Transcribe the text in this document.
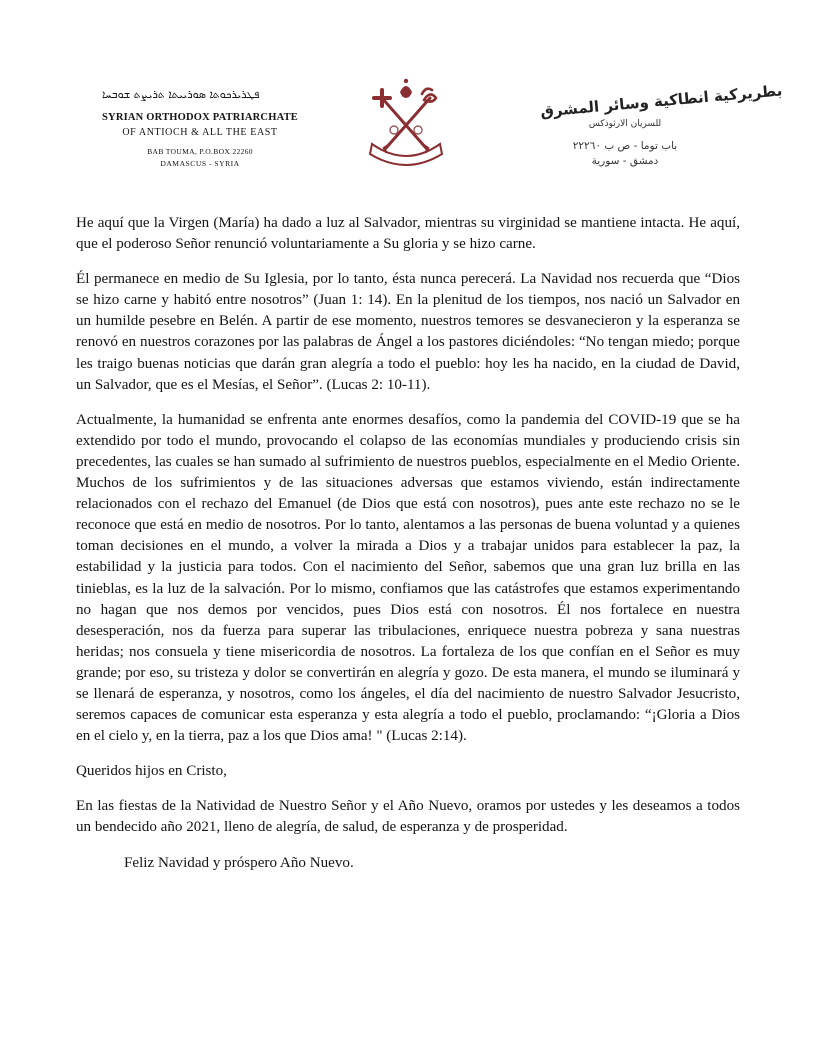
ܦܛܪܝܪܟܘܬܐ ܣܘܪܝܝܬܐ ܬܪܝܨܬ ܫܘܒܚܐ
SYRIAN ORTHODOX PATRIARCHATE
OF ANTIOCH & ALL THE EAST
BAB TOUMA, P.O.BOX 22260
DAMASCUS - SYRIA
بطريركية انطاكية وسائر المشرق
للسريان الارثوذكس
باب توما - ص ب ٢٢٢٦٠
دمشق - سورية

He aquí que la Virgen (María) ha dado a luz al Salvador, mientras su virginidad se mantiene intacta. He aquí, que el poderoso Señor renunció voluntariamente a Su gloria y se hizo carne.

Él permanece en medio de Su Iglesia, por lo tanto, ésta nunca perecerá. La Navidad nos recuerda que “Dios se hizo carne y habitó entre nosotros” (Juan 1: 14). En la plenitud de los tiempos, nos nació un Salvador en un humilde pesebre en Belén. A partir de ese momento, nuestros temores se desvanecieron y la esperanza se renovó en nuestros corazones por las palabras de Ángel a los pastores diciéndoles: “No tengan miedo; porque les traigo buenas noticias que darán gran alegría a todo el pueblo: hoy les ha nacido, en la ciudad de David, un Salvador, que es el Mesías, el Señor”. (Lucas 2: 10-11).

Actualmente, la humanidad se enfrenta ante enormes desafíos, como la pandemia del COVID-19 que se ha extendido por todo el mundo, provocando el colapso de las economías mundiales y produciendo crisis sin precedentes, las cuales se han sumado al sufrimiento de nuestros pueblos, especialmente en el Medio Oriente. Muchos de los sufrimientos y de las situaciones adversas que estamos viviendo, están indirectamente relacionados con el rechazo del Emanuel (de Dios que está con nosotros), pues ante este rechazo no se le reconoce que está en medio de nosotros. Por lo tanto, alentamos a las personas de buena voluntad y a quienes toman decisiones en el mundo, a volver la mirada a Dios y a trabajar unidos para establecer la paz, la estabilidad y la justicia para todos. Con el nacimiento del Señor, sabemos que una gran luz brilla en las tinieblas, es la luz de la salvación. Por lo mismo, confiamos que las catástrofes que estamos experimentando no hagan que nos demos por vencidos, pues Dios está con nosotros. Él nos fortalece en nuestra desesperación, nos da fuerza para superar las tribulaciones, enriquece nuestra pobreza y sana nuestras heridas; nos consuela y tiene misericordia de nosotros. La fortaleza de los que confían en el Señor es muy grande; por eso, su tristeza y dolor se convertirán en alegría y gozo. De esta manera, el mundo se iluminará y se llenará de esperanza, y nosotros, como los ángeles, el día del nacimiento de nuestro Salvador Jesucristo, seremos capaces de comunicar esta esperanza y esta alegría a todo el pueblo, proclamando: “¡Gloria a Dios en el cielo y, en la tierra, paz a los que Dios ama! " (Lucas 2:14).

Queridos hijos en Cristo,

En las fiestas de la Natividad de Nuestro Señor y el Año Nuevo, oramos por ustedes y les deseamos a todos un bendecido año 2021, lleno de alegría, de salud, de esperanza y de prosperidad.

Feliz Navidad y próspero Año Nuevo.
